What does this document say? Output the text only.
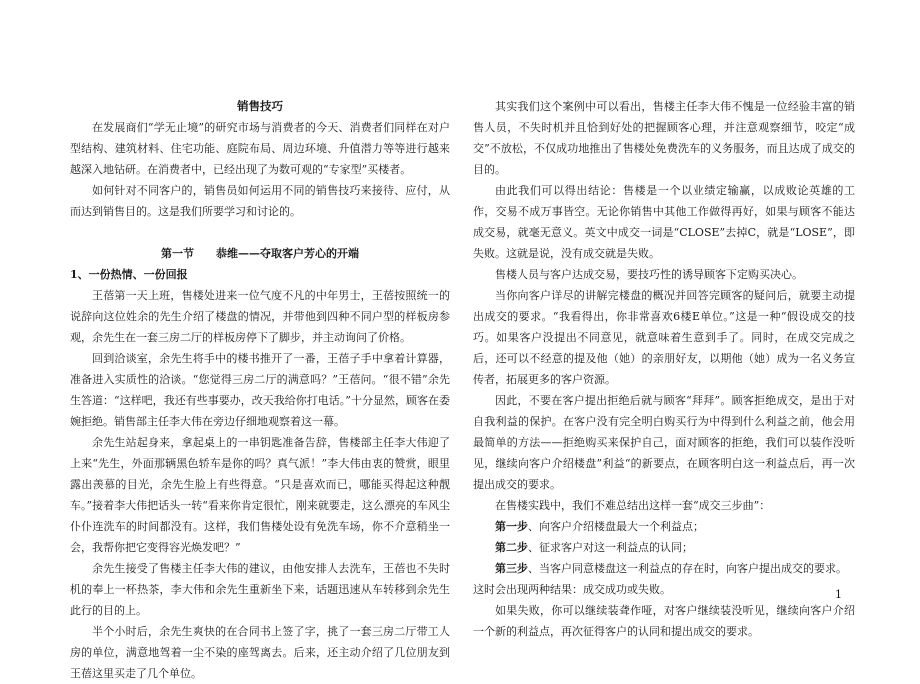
销售技巧

在发展商们“学无止境”的研究市场与消费者的今天、消费者们同样在对户型结构、建筑材料、住宅功能、庭院布局、周边环境、升值潜力等等进行越来越深入地钻研。在消费者中，已经出现了为数可观的“专家型”买楼者。

如何针对不同客户的，销售员如何运用不同的销售技巧来接待、应付，从而达到销售目的。这是我们所要学习和讨论的。

第一节　　恭维——夺取客户芳心的开端

1、一份热情、一份回报

王蓓第一天上班，售楼处进来一位气度不凡的中年男士，王蓓按照统一的说辞向这位姓余的先生介绍了楼盘的情况，并带他到四种不同户型的样板房参观，余先生在一套三房二厅的样板房停下了脚步，并主动询问了价格。

回到洽谈室，余先生将手中的楼书推开了一番，王蓓子手中拿着计算器，准备进入实质性的洽谈。“您觉得三房二厅的满意吗？”王蓓问。“很不错”余先生答道：“这样吧，我还有些事要办，改天我给你打电话。”十分显然，顾客在委婉拒绝。销售部主任李大伟在旁边仔细地观察着这一幕。

余先生站起身来，拿起桌上的一串钥匙准备告辞，售楼部主任李大伟迎了上来“先生，外面那辆黑色轿车是你的吗？真气派！”李大伟由衷的赞赏，眼里露出羡慕的目光，余先生脸上有些得意。“只是喜欢而已，哪能买得起这种靓车。”接着李大伟把话头一转“看来你肯定很忙，刚来就要走，这么漂亮的车风尘仆仆连洗车的时间都没有。这样，我们售楼处设有免洗车场，你不介意稍坐一会，我帮你把它变得容光焕发吧？”

余先生接受了售楼主任李大伟的建议，由他安排人去洗车，王蓓也不失时机的奉上一杯热茶，李大伟和余先生重新坐下来，话题迅速从车转移到余先生此行的目的上。

半个小时后，余先生爽快的在合同书上签了字，挑了一套三房二厅带工人房的单位，满意地驾着一尘不染的座驾离去。后来，还主动介绍了几位朋友到王蓓这里买走了几个单位。

其实我们这个案例中可以看出，售楼主任李大伟不愧是一位经验丰富的销售人员，不失时机并且恰到好处的把握顾客心理，并注意观察细节，咬定“成交”不放松，不仅成功地推出了售楼处免费洗车的义务服务，而且达成了成交的目的。

由此我们可以得出结论：售楼是一个以业绩定输赢，以成败论英雄的工作，交易不成万事皆空。无论你销售中其他工作做得再好，如果与顾客不能达成交易，就毫无意义。英文中成交一词是“CLOSE”去掉C，就是“LOSE”，即失败。这就是说，没有成交就是失败。

售楼人员与客户达成交易，要技巧性的诱导顾客下定购买决心。

当你向客户详尽的讲解完楼盘的概况并回答完顾客的疑问后，就要主动提出成交的要求。“我看得出，你非常喜欢6楼E单位。”这是一种“假设成交的技巧。如果客户没提出不同意见，就意味着生意到手了。同时，在成交完成之后，还可以不经意的提及他（她）的亲朋好友，以期他（她）成为一名义务宣传者，拓展更多的客户资源。

因此，不要在客户提出拒绝后就与顾客“拜拜”。顾客拒绝成交，是出于对自我利益的保护。在客户没有完全明白购买行为中得到什么利益之前，他会用最简单的方法——拒绝购买来保护自己，面对顾客的拒绝，我们可以装作没听见，继续向客户介绍楼盘”利益“的新要点，在顾客明白这一利益点后，再一次提出成交的要求。

在售楼实践中，我们不难总结出这样一套“成交三步曲”：

第一步、向客户介绍楼盘最大一个利益点；

第二步、征求客户对这一利益点的认同；

第三步、当客户同意楼盘这一利益点的存在时，向客户提出成交的要求。

这时会出现两种结果：成交成功或失败。

如果失败，你可以继续装聋作哑，对客户继续装没听见，继续向客户介绍一个新的利益点，再次征得客户的认同和提出成交的要求。

1
